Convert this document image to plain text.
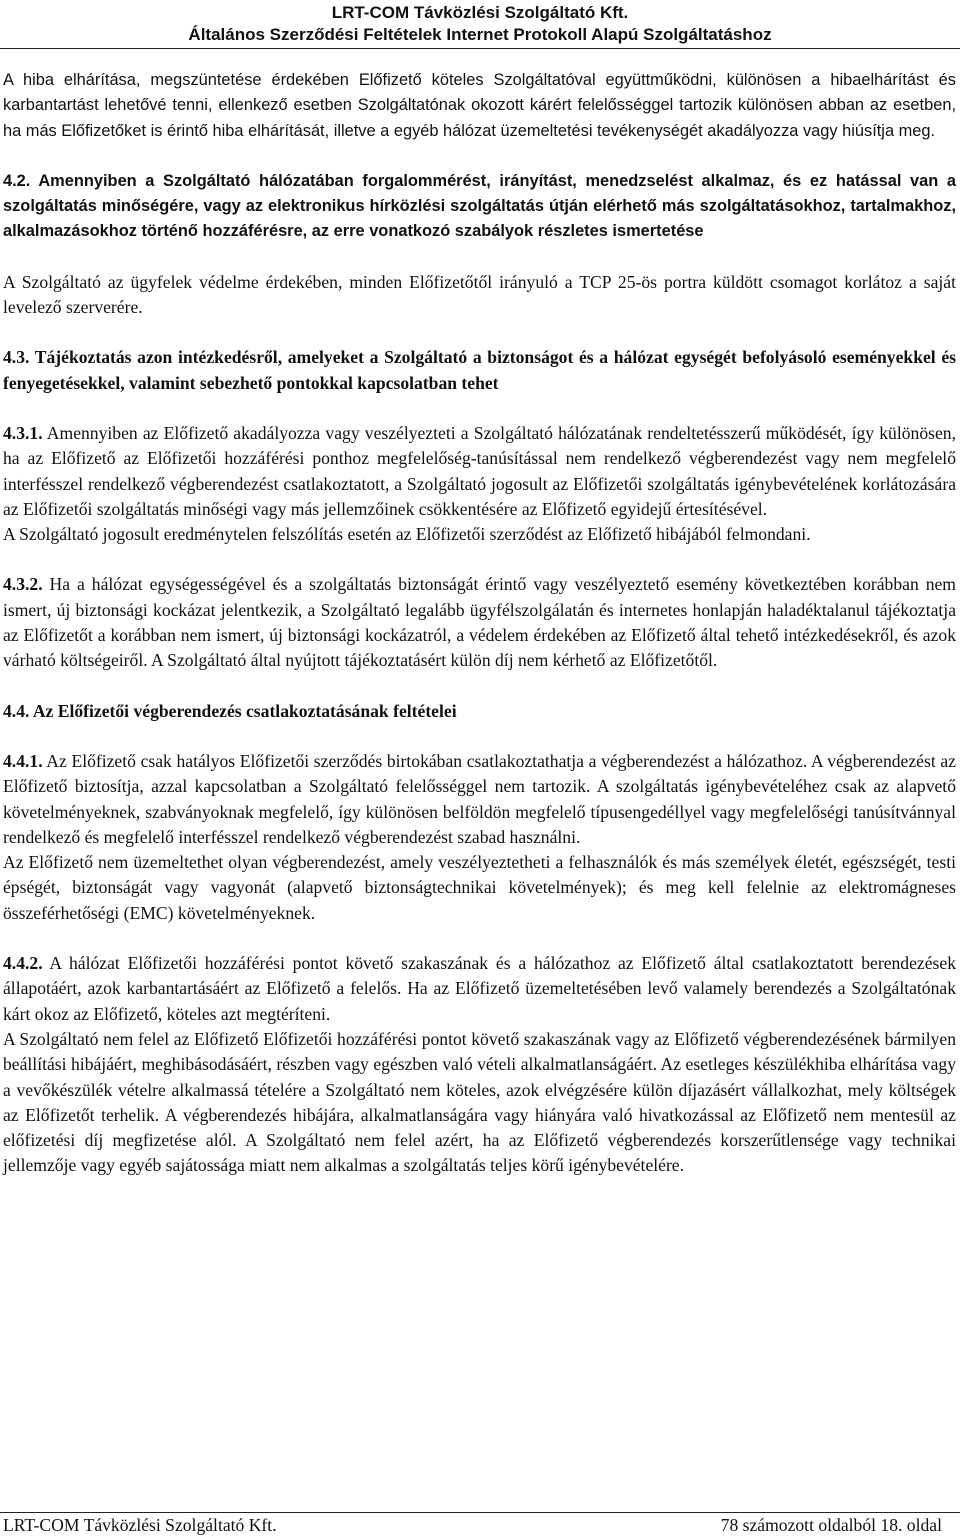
LRT-COM Távközlési Szolgáltató Kft.
Általános Szerződési Feltételek Internet Protokoll Alapú Szolgáltatáshoz

A hiba elhárítása, megszüntetése érdekében Előfizető köteles Szolgáltatóval együttműködni, különösen a hibaelhárítást és karbantartást lehetővé tenni, ellenkező esetben Szolgáltatónak okozott kárért felelősséggel tartozik különösen abban az esetben, ha más Előfizetőket is érintő hiba elhárítását, illetve a egyéb hálózat üzemeltetési tevékenységét akadályozza vagy hiúsítja meg.

4.2. Amennyiben a Szolgáltató hálózatában forgalommérést, irányítást, menedzselést alkalmaz, és ez hatással van a szolgáltatás minőségére, vagy az elektronikus hírközlési szolgáltatás útján elérhető más szolgáltatásokhoz, tartalmakhoz, alkalmazásokhoz történő hozzáférésre, az erre vonatkozó szabályok részletes ismertetése

A Szolgáltató az ügyfelek védelme érdekében, minden Előfizetőtől irányuló a TCP 25-ös portra küldött csomagot korlátoz a saját levelező szerverére.

4.3. Tájékoztatás azon intézkedésről, amelyeket a Szolgáltató a biztonságot és a hálózat egységét befolyásoló eseményekkel és fenyegetésekkel, valamint sebezhető pontokkal kapcsolatban tehet

4.3.1. Amennyiben az Előfizető akadályozza vagy veszélyezteti a Szolgáltató hálózatának rendeltetésszerű működését, így különösen, ha az Előfizető az Előfizetői hozzáférési ponthoz megfelelőség-tanúsítással nem rendelkező végberendezést vagy nem megfelelő interfésszel rendelkező végberendezést csatlakoztatott, a Szolgáltató jogosult az Előfizetői szolgáltatás igénybevételének korlátozására az Előfizetői szolgáltatás minőségi vagy más jellemzőinek csökkentésére az Előfizető egyidejű értesítésével.

A Szolgáltató jogosult eredménytelen felszólítás esetén az Előfizetői szerződést az Előfizető hibájából felmondani.

4.3.2. Ha a hálózat egységességével és a szolgáltatás biztonságát érintő vagy veszélyeztető esemény következtében korábban nem ismert, új biztonsági kockázat jelentkezik, a Szolgáltató legalább ügyfélszolgálatán és internetes honlapján haladéktalanul tájékoztatja az Előfizetőt a korábban nem ismert, új biztonsági kockázatról, a védelem érdekében az Előfizető által tehető intézkedésekről, és azok várható költségeiről. A Szolgáltató által nyújtott tájékoztatásért külön díj nem kérhető az Előfizetőtől.

4.4. Az Előfizetői végberendezés csatlakoztatásának feltételei

4.4.1. Az Előfizető csak hatályos Előfizetői szerződés birtokában csatlakoztathatja a végberendezést a hálózathoz. A végberendezést az Előfizető biztosítja, azzal kapcsolatban a Szolgáltató felelősséggel nem tartozik. A szolgáltatás igénybevételéhez csak az alapvető követelményeknek, szabványoknak megfelelő, így különösen belföldön megfelelő típusengedéllyel vagy megfelelőségi tanúsítvánnyal rendelkező és megfelelő interfésszel rendelkező végberendezést szabad használni.

Az Előfizető nem üzemeltethet olyan végberendezést, amely veszélyeztetheti a felhasználók és más személyek életét, egészségét, testi épségét, biztonságát vagy vagyonát (alapvető biztonságtechnikai követelmények); és meg kell felelnie az elektromágneses összeférhetőségi (EMC) követelményeknek.

4.4.2. A hálózat Előfizetői hozzáférési pontot követő szakaszának és a hálózathoz az Előfizető által csatlakoztatott berendezések állapotáért, azok karbantartásáért az Előfizető a felelős. Ha az Előfizető üzemeltetésében levő valamely berendezés a Szolgáltatónak kárt okoz az Előfizető, köteles azt megtéríteni.

A Szolgáltató nem felel az Előfizető Előfizetői hozzáférési pontot követő szakaszának vagy az Előfizető végberendezésének bármilyen beállítási hibájáért, meghibásodásáért, részben vagy egészben való vételi alkalmatlanságáért. Az esetleges készülékhiba elhárítása vagy a vevőkészülék vételre alkalmassá tételére a Szolgáltató nem köteles, azok elvégzésére külön díjazásért vállalkozhat, mely költségek az Előfizetőt terhelik. A végberendezés hibájára, alkalmatlanságára vagy hiányára való hivatkozással az Előfizető nem mentesül az előfizetési díj megfizetése alól. A Szolgáltató nem felel azért, ha az Előfizető végberendezés korszerűtlensége vagy technikai jellemzője vagy egyéb sajátossága miatt nem alkalmas a szolgáltatás teljes körű igénybevételére.

LRT-COM Távközlési Szolgáltató Kft.	78 számozott oldalból 18. oldal
